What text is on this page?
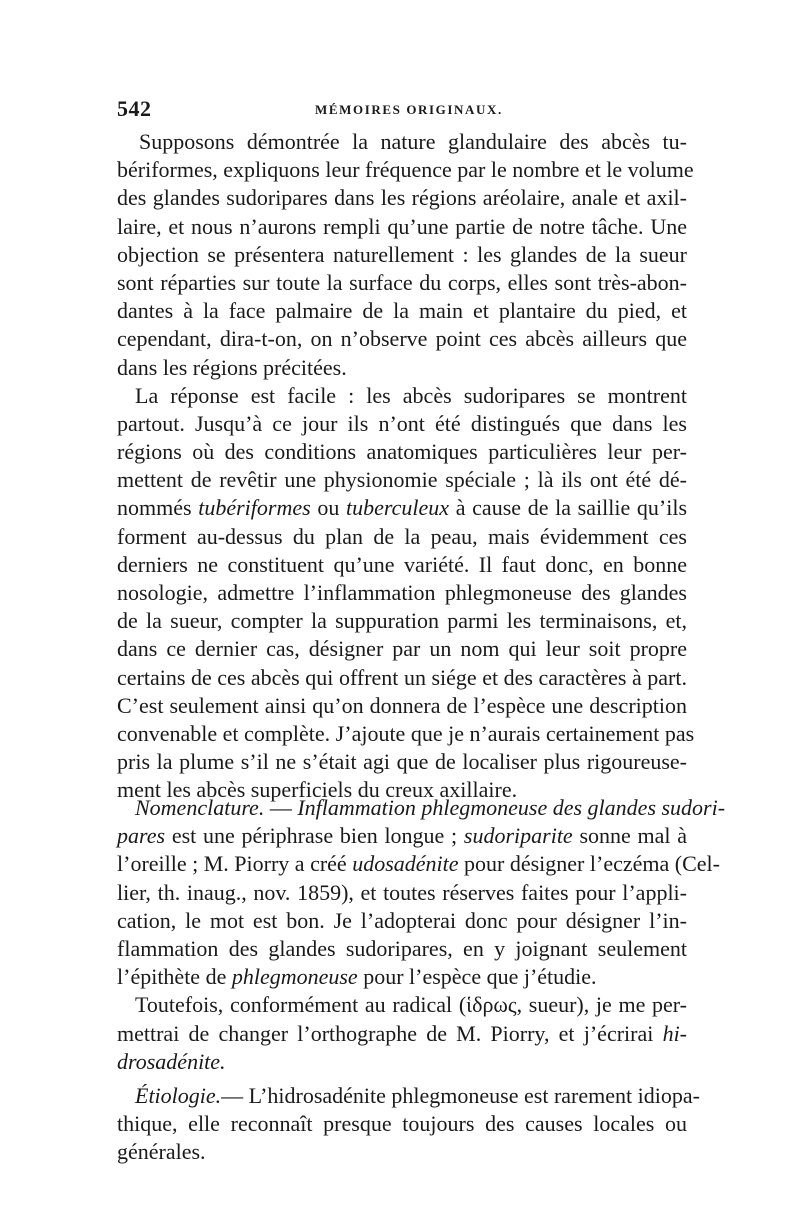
542	MÉMOIRES ORIGINAUX.
Supposons démontrée la nature glandulaire des abcès tu-
bériformes, expliquons leur fréquence par le nombre et le volume
des glandes sudoripares dans les régions aréolaire, anale et axil-
laire, et nous n’aurons rempli qu’une partie de notre tâche. Une
objection se présentera naturellement : les glandes de la sueur
sont réparties sur toute la surface du corps, elles sont très-abon-
dantes à la face palmaire de la main et plantaire du pied, et
cependant, dira-t-on, on n’observe point ces abcès ailleurs que
dans les régions précitées.
La réponse est facile : les abcès sudoripares se montrent
partout. Jusqu’à ce jour ils n’ont été distingués que dans les
régions où des conditions anatomiques particulières leur per-
mettent de revêtir une physionomie spéciale ; là ils ont été dé-
nommés tubériformes ou tuberculeux à cause de la saillie qu’ils
forment au-dessus du plan de la peau, mais évidemment ces
derniers ne constituent qu’une variété. Il faut donc, en bonne
nosologie, admettre l’inflammation phlegmoneuse des glandes
de la sueur, compter la suppuration parmi les terminaisons, et,
dans ce dernier cas, désigner par un nom qui leur soit propre
certains de ces abcès qui offrent un siége et des caractères à part.
C’est seulement ainsi qu’on donnera de l’espèce une description
convenable et complète. J’ajoute que je n’aurais certainement pas
pris la plume s’il ne s’était agi que de localiser plus rigoureuse-
ment les abcès superficiels du creux axillaire.
Nomenclature. — Inflammation phlegmoneuse des glandes sudori-
pares est une périphrase bien longue ; sudoriparite sonne mal à
l’oreille ; M. Piorry a créé udosadénite pour désigner l’eczéma (Cel-
lier, th. inaug., nov. 1859), et toutes réserves faites pour l’appli-
cation, le mot est bon. Je l’adopterai donc pour désigner l’in-
flammation des glandes sudoripares, en y joignant seulement
l’épithète de phlegmoneuse pour l’espèce que j’étudie.
Toutefois, conformément au radical (ἱδρως, sueur), je me per-
mettrai de changer l’orthographe de M. Piorry, et j’écrirai hi-
drosadénite.
Étiologie.— L’hidrosadénite phlegmoneuse est rarement idiopa-
thique, elle reconnaît presque toujours des causes locales ou
générales.
